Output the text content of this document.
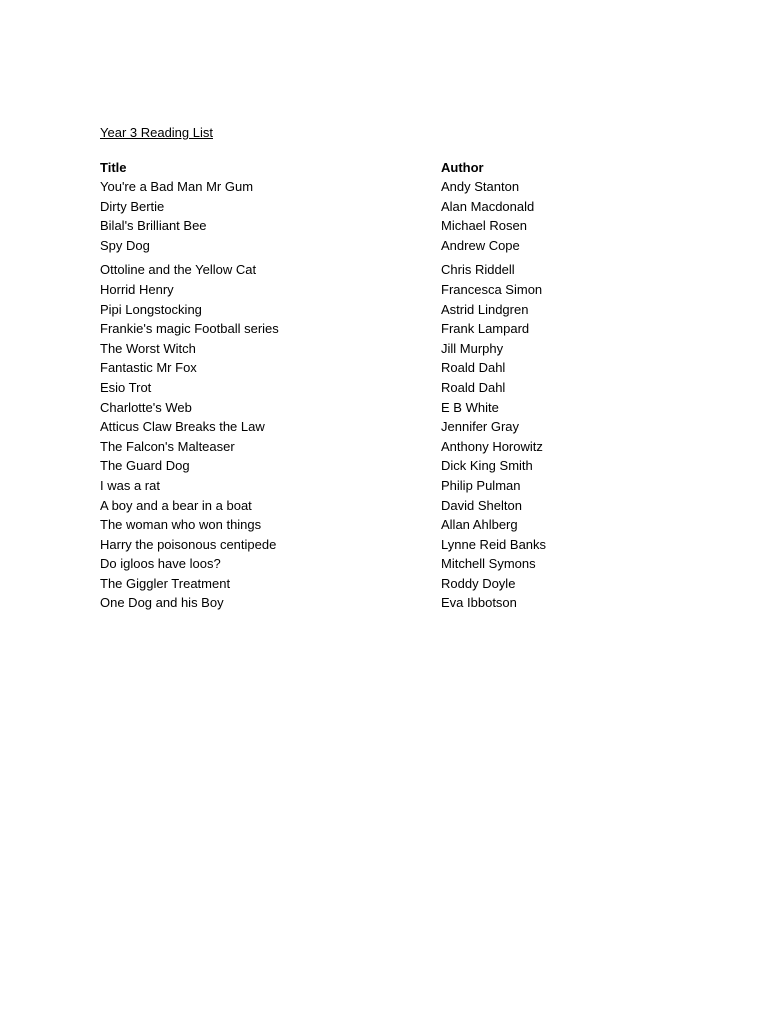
Year 3 Reading List
Title	Author
You're a Bad Man Mr Gum	Andy Stanton
Dirty Bertie	Alan Macdonald
Bilal's Brilliant Bee	Michael Rosen
Spy Dog	Andrew Cope
Ottoline and the Yellow Cat	Chris Riddell
Horrid Henry	Francesca Simon
Pipi Longstocking	Astrid Lindgren
Frankie's magic Football series	Frank Lampard
The Worst Witch	Jill Murphy
Fantastic Mr Fox	Roald Dahl
Esio Trot	Roald Dahl
Charlotte's Web	E B White
Atticus Claw Breaks the Law	Jennifer Gray
The Falcon's Malteaser	Anthony Horowitz
The Guard Dog	Dick King Smith
I was a rat	Philip Pulman
A boy and a bear in a boat	David Shelton
The woman who won things	Allan Ahlberg
Harry the poisonous centipede	Lynne Reid Banks
Do igloos have loos?	Mitchell Symons
The Giggler Treatment	Roddy Doyle
One Dog and his Boy	Eva Ibbotson
